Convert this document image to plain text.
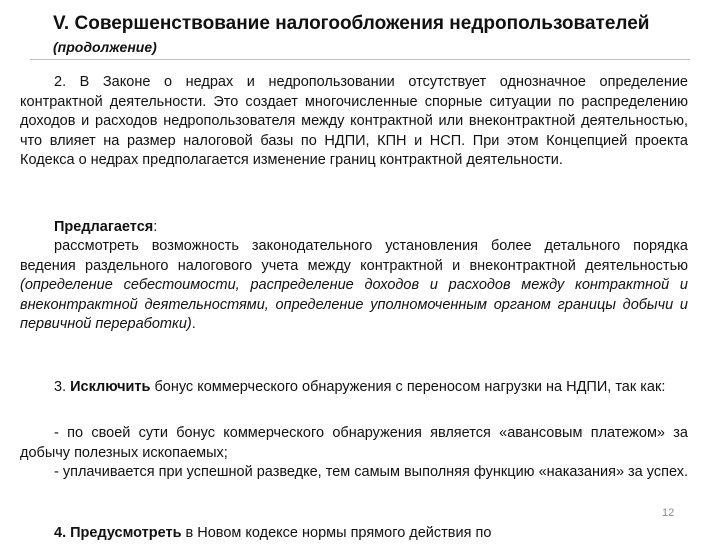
V. Совершенствование налогообложения недропользователей
(продолжение)
2. В Законе о недрах и недропользовании отсутствует однозначное определение контрактной деятельности. Это создает многочисленные спорные ситуации по распределению доходов и расходов недропользователя между контрактной или внеконтрактной деятельностью, что влияет на размер налоговой базы по НДПИ, КПН и НСП. При этом Концепцией проекта Кодекса о недрах предполагается изменение границ контрактной деятельности.
Предлагается:
рассмотреть возможность законодательного установления более детального порядка ведения раздельного налогового учета между контрактной и внеконтрактной деятельностью (определение себестоимости, распределение доходов и расходов между контрактной и внеконтрактной деятельностями, определение уполномоченным органом границы добычи и первичной переработки).
3. Исключить бонус коммерческого обнаружения с переносом нагрузки на НДПИ, так как:
- по своей сути бонус коммерческого обнаружения является «авансовым платежом» за добычу полезных ископаемых;
- уплачивается при успешной разведке, тем самым выполняя функцию «наказания» за успех.
4. Предусмотреть в Новом кодексе нормы прямого действия по
12
